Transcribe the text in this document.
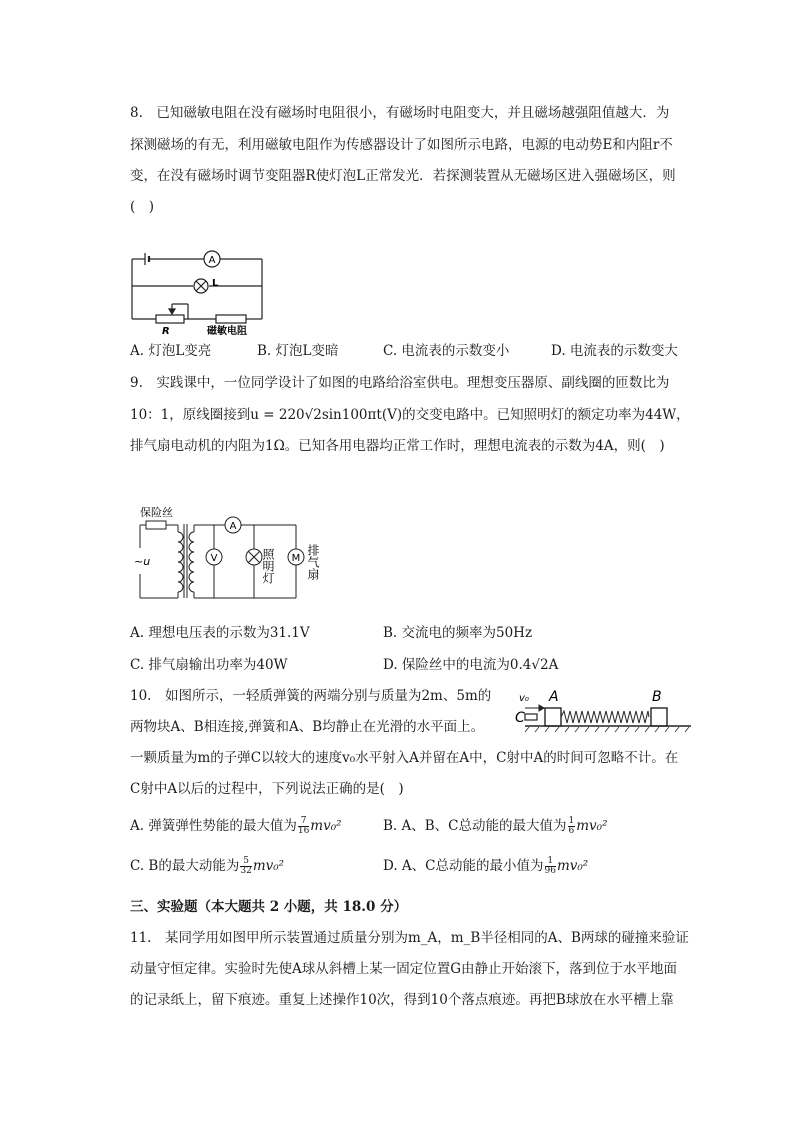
8.　已知磁敏电阻在没有磁场时电阻很小，有磁场时电阻变大，并且磁场越强阻值越大．为
探测磁场的有无，利用磁敏电阻作为传感器设计了如图所示电路，电源的电动势E和内阻r不
变，在没有磁场时调节变阻器R使灯泡L正常发光．若探测装置从无磁场区进入强磁场区，则
(　)
A
L
R	磁敏电阻
A. 灯泡L变亮	B. 灯泡L变暗	C. 电流表的示数变小	D. 电流表的示数变大
9.　实践课中，一位同学设计了如图的电路给浴室供电。理想变压器原、副线圈的匝数比为
10：1，原线圈接到u = 220√2sin100πt(V)的交变电路中。已知照明灯的额定功率为44W，
排气扇电动机的内阻为1Ω。已知各用电器均正常工作时，理想电流表的示数为4A，则(　)
保险丝
~u
A
V	M
照明灯	排气扇
A. 理想电压表的示数为31.1V	B. 交流电的频率为50Hz
C. 排气扇输出功率为40W	D. 保险丝中的电流为0.4√2A
10.　如图所示，一轻质弹簧的两端分别与质量为2m、5m的
两物块A、B相连接,弹簧和A、B均静止在光滑的水平面上。
一颗质量为m的子弹C以较大的速度v₀水平射入A并留在A中，C射中A的时间可忽略不计。在
C射中A以后的过程中，下列说法正确的是(　)
C
v₀ A	B
A. 弹簧弹性势能的最大值为 $\frac{7}{16} mv_0^2$	B. A、B、C总动能的最大值为 $\frac{1}{6} mv_0^2$
C. B的最大动能为 $\frac{5}{32} mv_0^2$	D. A、C总动能的最小值为 $\frac{1}{96} mv_0^2$
三、实验题（本大题共 2 小题，共 18.0 分）
11.　某同学用如图甲所示装置通过质量分别为m_A，m_B半径相同的A、B两球的碰撞来验证
动量守恒定律。实验时先使A球从斜槽上某一固定位置G由静止开始滚下，落到位于水平地面
的记录纸上，留下痕迹。重复上述操作10次，得到10个落点痕迹。再把B球放在水平槽上靠
